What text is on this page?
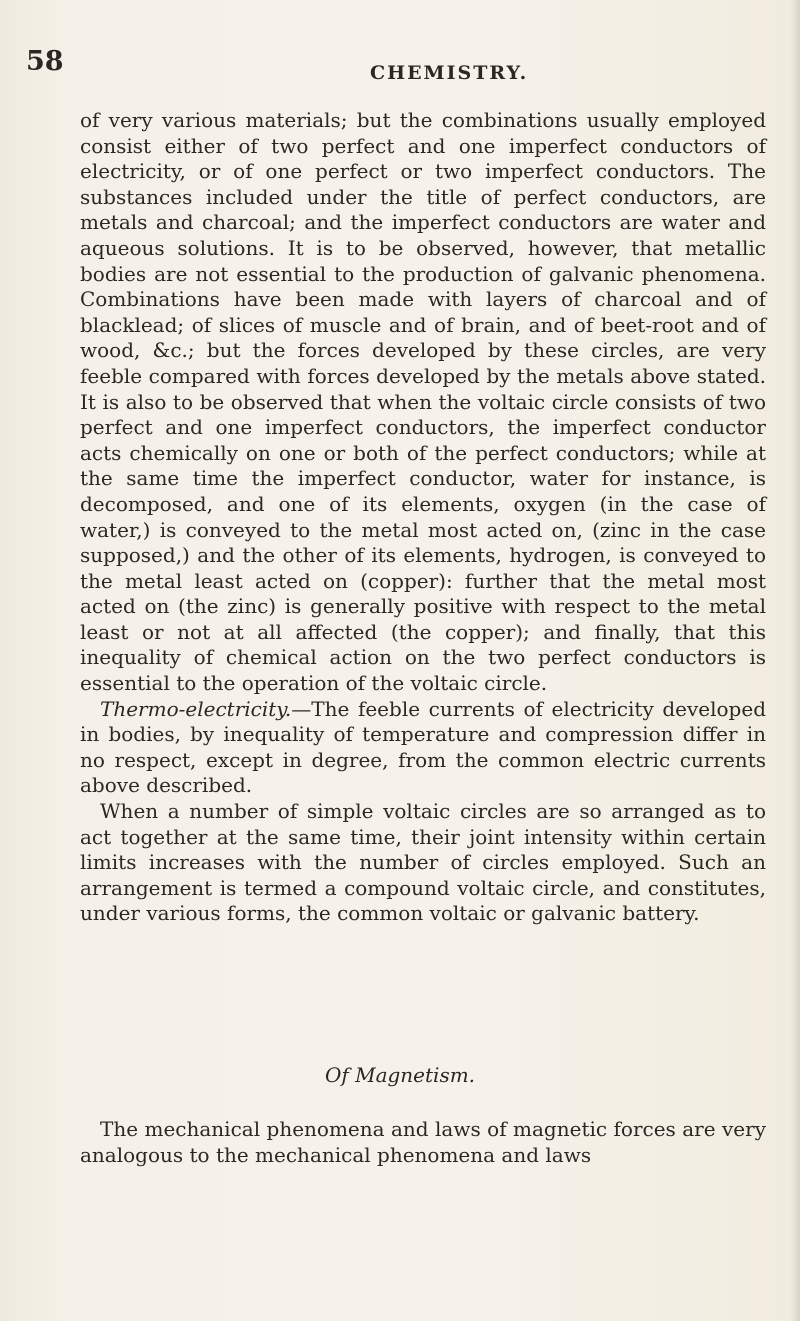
58	CHEMISTRY.

of very various materials; but the combinations usually employed consist either of two perfect and one imperfect conductors of electricity, or of one perfect or two imperfect conductors. The substances included under the title of perfect conductors, are metals and charcoal; and the imperfect conductors are water and aqueous solutions. It is to be observed, however, that metallic bodies are not essential to the production of galvanic phenomena. Combinations have been made with layers of charcoal and of blacklead; of slices of muscle and of brain, and of beet-root and of wood, &c.; but the forces developed by these circles, are very feeble compared with forces developed by the metals above stated. It is also to be observed that when the voltaic circle consists of two perfect and one imperfect conductors, the imperfect conductor acts chemically on one or both of the perfect conductors; while at the same time the imperfect conductor, water for instance, is decomposed, and one of its elements, oxygen (in the case of water,) is conveyed to the metal most acted on, (zinc in the case supposed,) and the other of its elements, hydrogen, is conveyed to the metal least acted on (copper): further that the metal most acted on (the zinc) is generally positive with respect to the metal least or not at all affected (the copper); and finally, that this inequality of chemical action on the two perfect conductors is essential to the operation of the voltaic circle.

Thermo-electricity.—The feeble currents of electricity developed in bodies, by inequality of temperature and compression differ in no respect, except in degree, from the common electric currents above described.

When a number of simple voltaic circles are so arranged as to act together at the same time, their joint intensity within certain limits increases with the number of circles employed. Such an arrangement is termed a compound voltaic circle, and constitutes, under various forms, the common voltaic or galvanic battery.

Of Magnetism.

The mechanical phenomena and laws of magnetic forces are very analogous to the mechanical phenomena and laws
